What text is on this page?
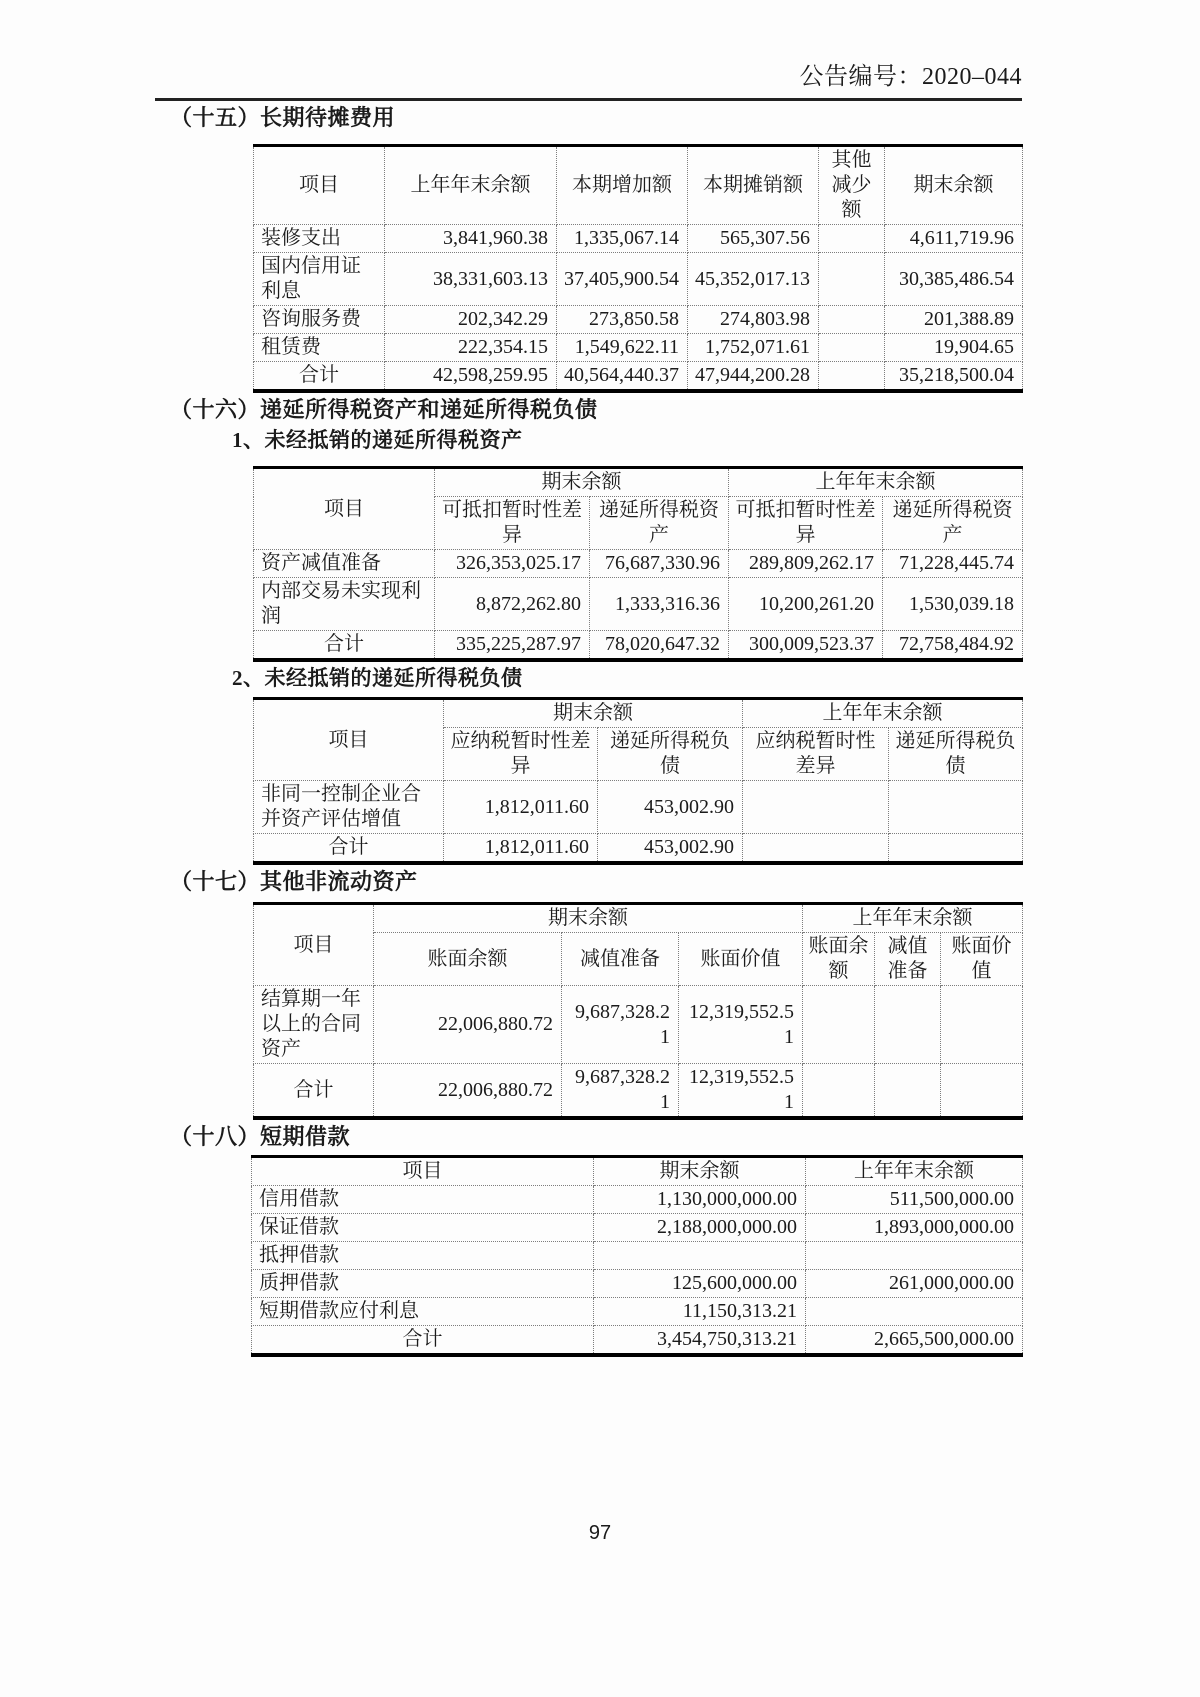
公告编号：2020–044
（十五）长期待摊费用
项目	上年年末余额	本期增加额	本期摊销额	其他减少额	期末余额
装修支出	3,841,960.38	1,335,067.14	565,307.56		4,611,719.96
国内信用证利息	38,331,603.13	37,405,900.54	45,352,017.13		30,385,486.54
咨询服务费	202,342.29	273,850.58	274,803.98		201,388.89
租赁费	222,354.15	1,549,622.11	1,752,071.61		19,904.65
合计	42,598,259.95	40,564,440.37	47,944,200.28		35,218,500.04
（十六）递延所得税资产和递延所得税负债
1、未经抵销的递延所得税资产
项目	期末余额		上年年末余额	
	可抵扣暂时性差异	递延所得税资产	可抵扣暂时性差异	递延所得税资产
资产减值准备	326,353,025.17	76,687,330.96	289,809,262.17	71,228,445.74
内部交易未实现利润	8,872,262.80	1,333,316.36	10,200,261.20	1,530,039.18
合计	335,225,287.97	78,020,647.32	300,009,523.37	72,758,484.92
2、未经抵销的递延所得税负债
项目	期末余额		上年年末余额	
	应纳税暂时性差异	递延所得税负债	应纳税暂时性差异	递延所得税负债
非同一控制企业合并资产评估增值	1,812,011.60	453,002.90		
合计	1,812,011.60	453,002.90		
（十七）其他非流动资产
项目	期末余额			上年年末余额		
	账面余额	减值准备	账面价值	账面余额	减值准备	账面价值
结算期一年以上的合同资产	22,006,880.72	9,687,328.21	12,319,552.51			
合计	22,006,880.72	9,687,328.21	12,319,552.51			
（十八）短期借款
项目	期末余额	上年年末余额
信用借款	1,130,000,000.00	511,500,000.00
保证借款	2,188,000,000.00	1,893,000,000.00
抵押借款		
质押借款	125,600,000.00	261,000,000.00
短期借款应付利息	11,150,313.21	
合计	3,454,750,313.21	2,665,500,000.00
97
